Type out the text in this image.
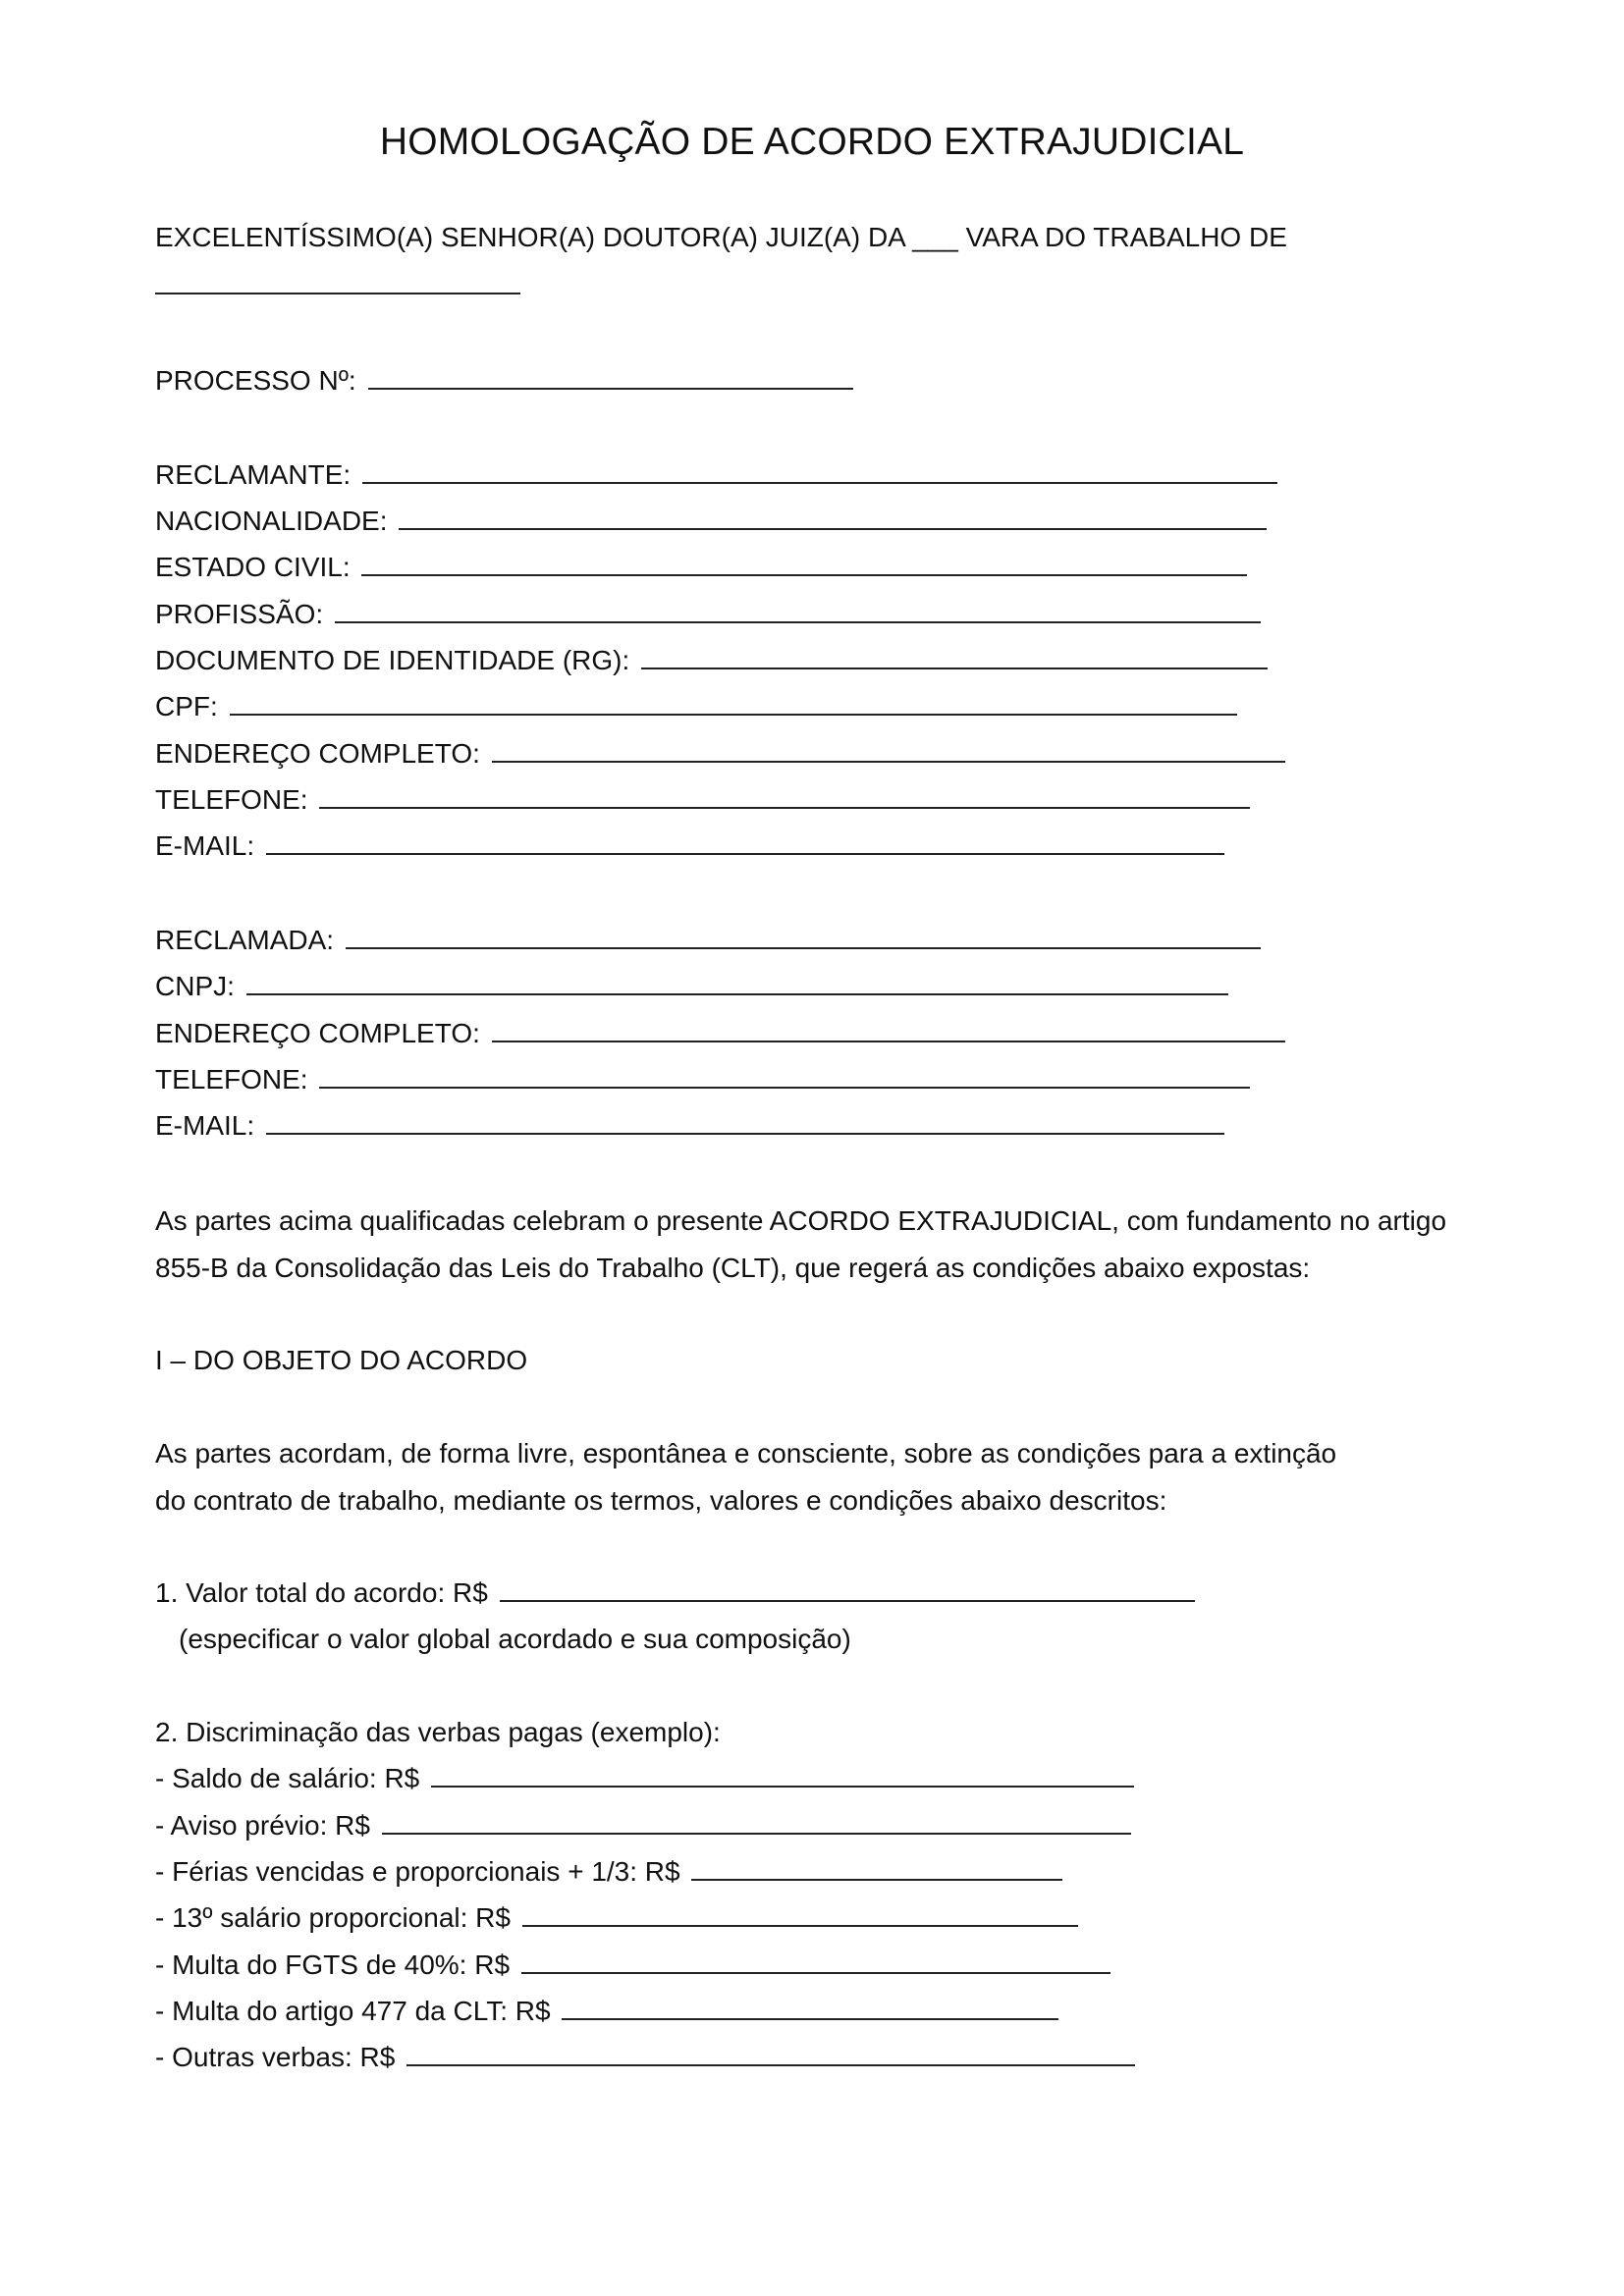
HOMOLOGAÇÃO DE ACORDO EXTRAJUDICIAL
EXCELENTÍSSIMO(A) SENHOR(A) DOUTOR(A) JUIZ(A) DA ___ VARA DO TRABALHO DE
PROCESSO Nº:
RECLAMANTE:
NACIONALIDADE:
ESTADO CIVIL:
PROFISSÃO:
DOCUMENTO DE IDENTIDADE (RG):
CPF:
ENDEREÇO COMPLETO:
TELEFONE:
E-MAIL:
RECLAMADA:
CNPJ:
ENDEREÇO COMPLETO:
TELEFONE:
E-MAIL:
As partes acima qualificadas celebram o presente ACORDO EXTRAJUDICIAL, com fundamento no artigo
855-B da Consolidação das Leis do Trabalho (CLT), que regerá as condições abaixo expostas:
I – DO OBJETO DO ACORDO
As partes acordam, de forma livre, espontânea e consciente, sobre as condições para a extinção
do contrato de trabalho, mediante os termos, valores e condições abaixo descritos:
1. Valor total do acordo: R$
(especificar o valor global acordado e sua composição)
2. Discriminação das verbas pagas (exemplo):
- Saldo de salário: R$
- Aviso prévio: R$
- Férias vencidas e proporcionais + 1/3: R$
- 13º salário proporcional: R$
- Multa do FGTS de 40%: R$
- Multa do artigo 477 da CLT: R$
- Outras verbas: R$
